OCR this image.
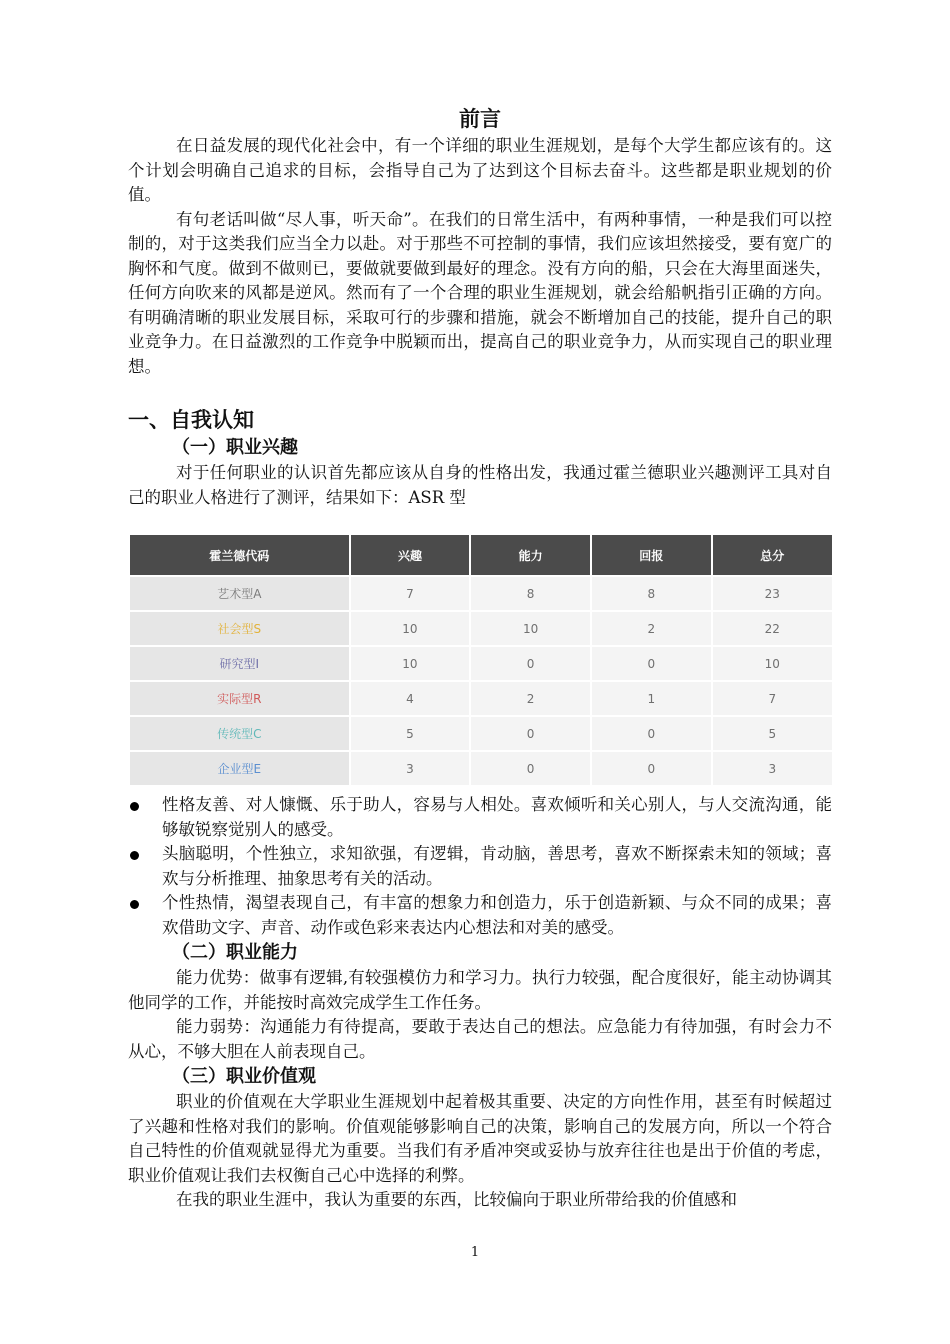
前言

在日益发展的现代化社会中，有一个详细的职业生涯规划，是每个大学生都应该有的。这个计划会明确自己追求的目标，会指导自己为了达到这个目标去奋斗。这些都是职业规划的价值。

有句老话叫做“尽人事，听天命”。在我们的日常生活中，有两种事情，一种是我们可以控制的，对于这类我们应当全力以赴。对于那些不可控制的事情，我们应该坦然接受，要有宽广的胸怀和气度。做到不做则已，要做就要做到最好的理念。没有方向的船，只会在大海里面迷失，任何方向吹来的风都是逆风。然而有了一个合理的职业生涯规划，就会给船帆指引正确的方向。有明确清晰的职业发展目标，采取可行的步骤和措施，就会不断增加自己的技能，提升自己的职业竞争力。在日益激烈的工作竞争中脱颖而出，提高自己的职业竞争力，从而实现自己的职业理想。

一、自我认知
（一）职业兴趣

对于任何职业的认识首先都应该从自身的性格出发，我通过霍兰德职业兴趣测评工具对自己的职业人格进行了测评，结果如下：ASR 型

霍兰德代码	兴趣	能力	回报	总分
艺术型A	7	8	8	23
社会型S	10	10	2	22
研究型I	10	0	0	10
实际型R	4	2	1	7
传统型C	5	0	0	5
企业型E	3	0	0	3
性格友善、对人慷慨、乐于助人，容易与人相处。喜欢倾听和关心别人，与人交流沟通，能够敏锐察觉别人的感受。
头脑聪明，个性独立，求知欲强，有逻辑，肯动脑，善思考，喜欢不断探索未知的领域；喜欢与分析推理、抽象思考有关的活动。
个性热情，渴望表现自己，有丰富的想象力和创造力，乐于创造新颖、与众不同的成果；喜欢借助文字、声音、动作或色彩来表达内心想法和对美的感受。
（二）职业能力

能力优势：做事有逻辑,有较强模仿力和学习力。执行力较强，配合度很好，能主动协调其他同学的工作，并能按时高效完成学生工作任务。

能力弱势：沟通能力有待提高，要敢于表达自己的想法。应急能力有待加强，有时会力不从心，不够大胆在人前表现自己。

（三）职业价值观

职业的价值观在大学职业生涯规划中起着极其重要、决定的方向性作用，甚至有时候超过了兴趣和性格对我们的影响。价值观能够影响自己的决策，影响自己的发展方向，所以一个符合自己特性的价值观就显得尤为重要。当我们有矛盾冲突或妥协与放弃往往也是出于价值的考虑，职业价值观让我们去权衡自己心中选择的利弊。

在我的职业生涯中，我认为重要的东西，比较偏向于职业所带给我的价值感和

1
